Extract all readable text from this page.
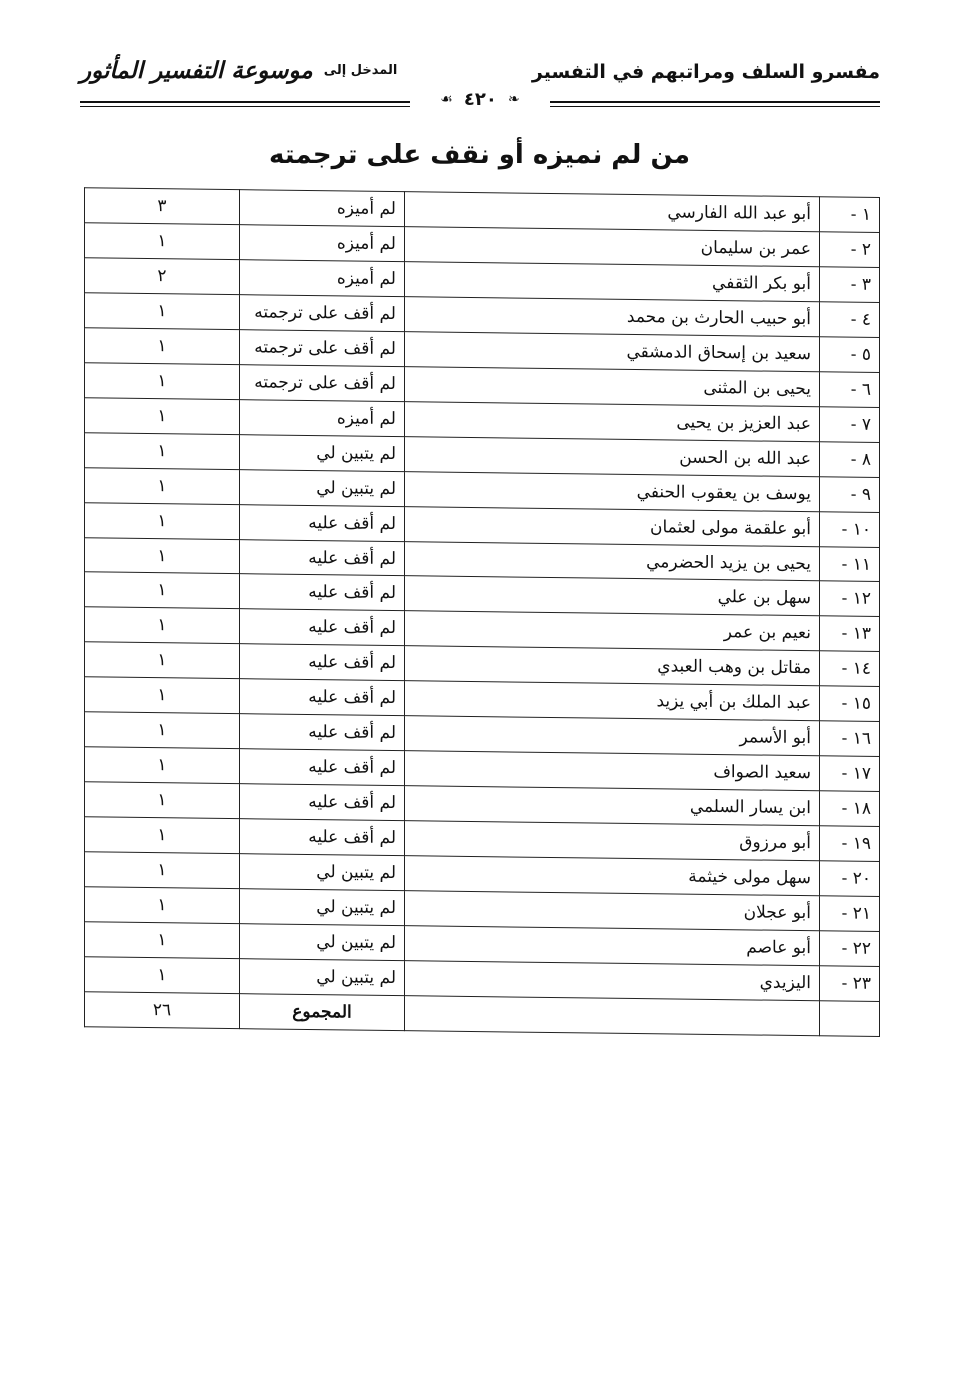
مفسرو السلف ومراتبهم في التفسير
المدخل إلى موسوعة التفسير المأثور
❧ ٤٢٠ ☙
من لم نميزه أو نقف على ترجمته
١ -	أبو عبد الله الفارسي	لم أميزه	٣
٢ -	عمر بن سليمان	لم أميزه	١
٣ -	أبو بكر الثقفي	لم أميزه	٢
٤ -	أبو حبيب الحارث بن محمد	لم أقف على ترجمته	١
٥ -	سعيد بن إسحاق الدمشقي	لم أقف على ترجمته	١
٦ -	يحيى بن المثنى	لم أقف على ترجمته	١
٧ -	عبد العزيز بن يحيى	لم أميزه	١
٨ -	عبد الله بن الحسن	لم يتبين لي	١
٩ -	يوسف بن يعقوب الحنفي	لم يتبين لي	١
١٠ -	أبو علقمة مولى لعثمان	لم أقف عليه	١
١١ -	يحيى بن يزيد الحضرمي	لم أقف عليه	١
١٢ -	سهل بن علي	لم أقف عليه	١
١٣ -	نعيم بن عمر	لم أقف عليه	١
١٤ -	مقاتل بن وهب العبدي	لم أقف عليه	١
١٥ -	عبد الملك بن أبي يزيد	لم أقف عليه	١
١٦ -	أبو الأسمر	لم أقف عليه	١
١٧ -	سعيد الصواف	لم أقف عليه	١
١٨ -	ابن يسار السلمي	لم أقف عليه	١
١٩ -	أبو مرزوق	لم أقف عليه	١
٢٠ -	سهل مولى خيثمة	لم يتبين لي	١
٢١ -	أبو عجلان	لم يتبين لي	١
٢٢ -	أبو عاصم	لم يتبين لي	١
٢٣ -	اليزيدي	لم يتبين لي	١
		المجموع	٢٦
